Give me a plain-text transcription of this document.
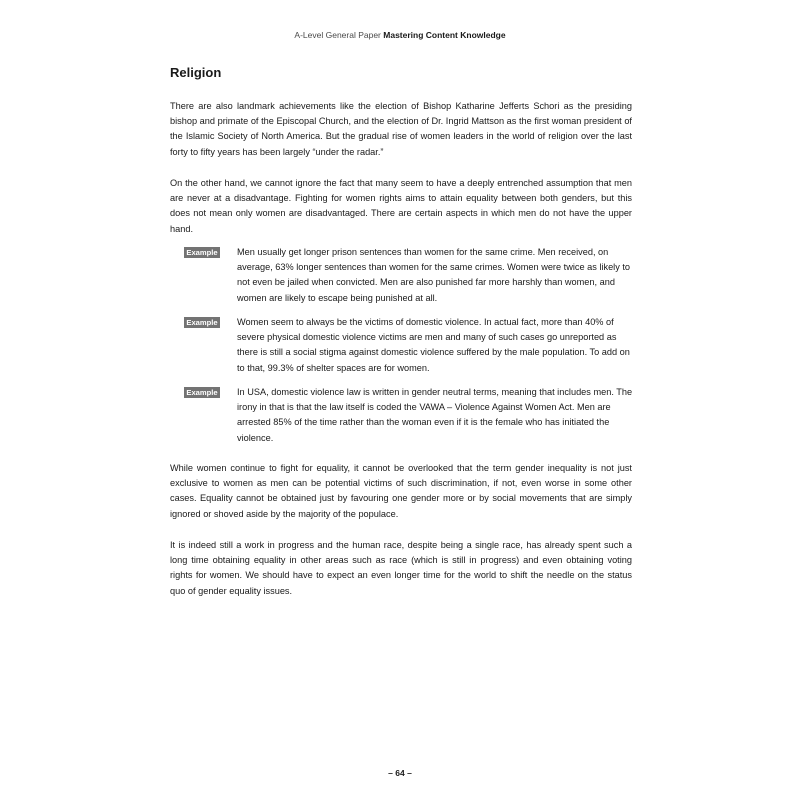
A-Level General Paper Mastering Content Knowledge
Religion

There are also landmark achievements like the election of Bishop Katharine Jefferts Schori as the presiding bishop and primate of the Episcopal Church, and the election of Dr. Ingrid Mattson as the first woman president of the Islamic Society of North America. But the gradual rise of women leaders in the world of religion over the last forty to fifty years has been largely “under the radar.”

On the other hand, we cannot ignore the fact that many seem to have a deeply entrenched assumption that men are never at a disadvantage. Fighting for women rights aims to attain equality between both genders, but this does not mean only women are disadvantaged. There are certain aspects in which men do not have the upper hand.

Example Men usually get longer prison sentences than women for the same crime. Men received, on average, 63% longer sentences than women for the same crimes. Women were twice as likely to not even be jailed when convicted. Men are also punished far more harshly than women, and women are likely to escape being punished at all.

Example Women seem to always be the victims of domestic violence. In actual fact, more than 40% of severe physical domestic violence victims are men and many of such cases go unreported as there is still a social stigma against domestic violence suffered by the male population. To add on to that, 99.3% of shelter spaces are for women.

Example In USA, domestic violence law is written in gender neutral terms, meaning that includes men. The irony in that is that the law itself is coded the VAWA – Violence Against Women Act. Men are arrested 85% of the time rather than the woman even if it is the female who has initiated the violence.

While women continue to fight for equality, it cannot be overlooked that the term gender inequality is not just exclusive to women as men can be potential victims of such discrimination, if not, even worse in some other cases. Equality cannot be obtained just by favouring one gender more or by social movements that are simply ignored or shoved aside by the majority of the populace.

It is indeed still a work in progress and the human race, despite being a single race, has already spent such a long time obtaining equality in other areas such as race (which is still in progress) and even obtaining voting rights for women. We should have to expect an even longer time for the world to shift the needle on the status quo of gender equality issues.

– 64 –
